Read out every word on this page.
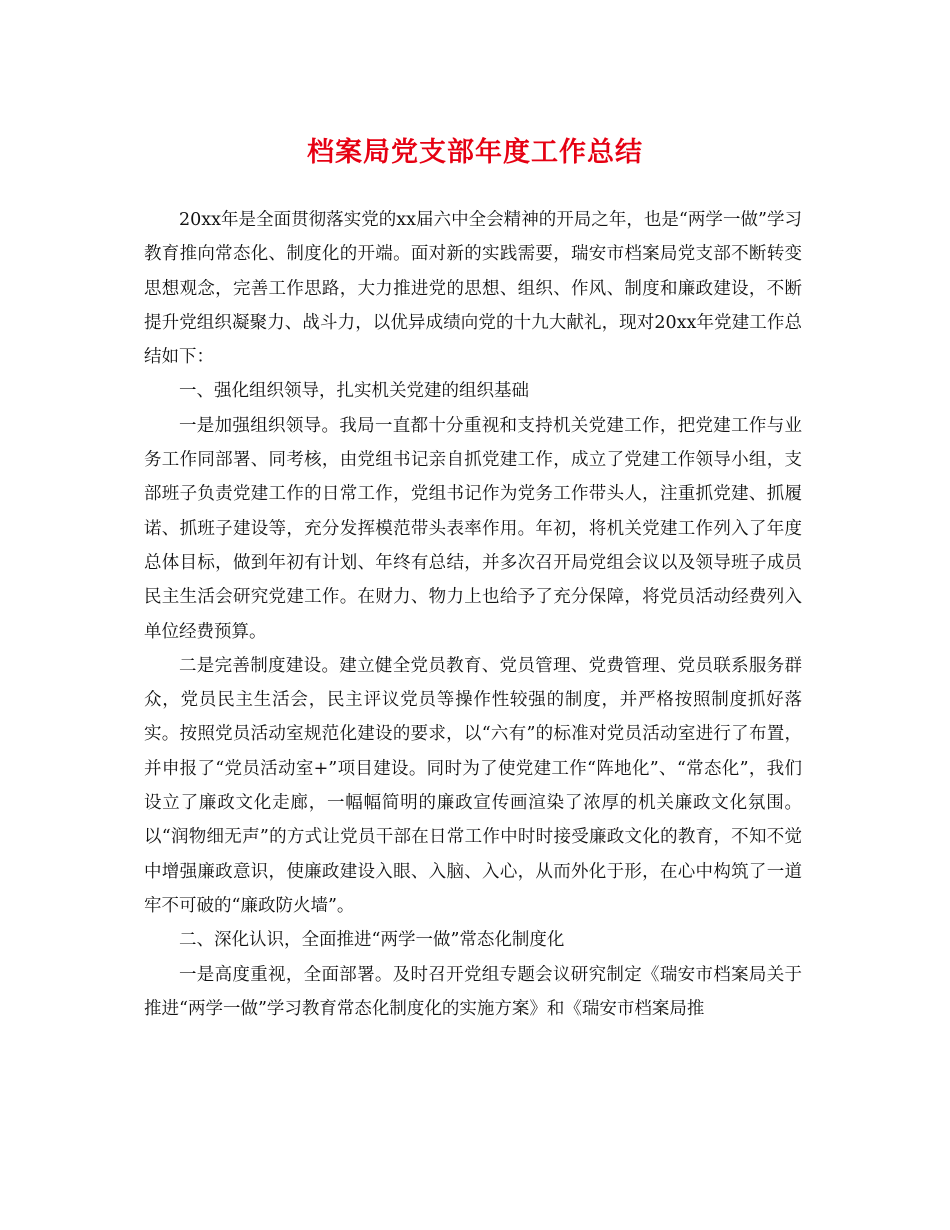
档案局党支部年度工作总结

20xx年是全面贯彻落实党的xx届六中全会精神的开局之年，也是“两学一做”学习教育推向常态化、制度化的开端。面对新的实践需要，瑞安市档案局党支部不断转变思想观念，完善工作思路，大力推进党的思想、组织、作风、制度和廉政建设，不断提升党组织凝聚力、战斗力，以优异成绩向党的十九大献礼，现对20xx年党建工作总结如下：

一、强化组织领导，扎实机关党建的组织基础

一是加强组织领导。我局一直都十分重视和支持机关党建工作，把党建工作与业务工作同部署、同考核，由党组书记亲自抓党建工作，成立了党建工作领导小组，支部班子负责党建工作的日常工作，党组书记作为党务工作带头人，注重抓党建、抓履诺、抓班子建设等，充分发挥模范带头表率作用。年初，将机关党建工作列入了年度总体目标，做到年初有计划、年终有总结，并多次召开局党组会议以及领导班子成员民主生活会研究党建工作。在财力、物力上也给予了充分保障，将党员活动经费列入单位经费预算。

二是完善制度建设。建立健全党员教育、党员管理、党费管理、党员联系服务群众，党员民主生活会，民主评议党员等操作性较强的制度，并严格按照制度抓好落实。按照党员活动室规范化建设的要求，以“六有”的标准对党员活动室进行了布置，并申报了“党员活动室+”项目建设。同时为了使党建工作“阵地化”、“常态化”，我们设立了廉政文化走廊，一幅幅简明的廉政宣传画渲染了浓厚的机关廉政文化氛围。以“润物细无声”的方式让党员干部在日常工作中时时接受廉政文化的教育，不知不觉中增强廉政意识，使廉政建设入眼、入脑、入心，从而外化于形，在心中构筑了一道牢不可破的“廉政防火墙”。

二、深化认识，全面推进“两学一做”常态化制度化

一是高度重视，全面部署。及时召开党组专题会议研究制定《瑞安市档案局关于推进“两学一做”学习教育常态化制度化的实施方案》和《瑞安市档案局推
